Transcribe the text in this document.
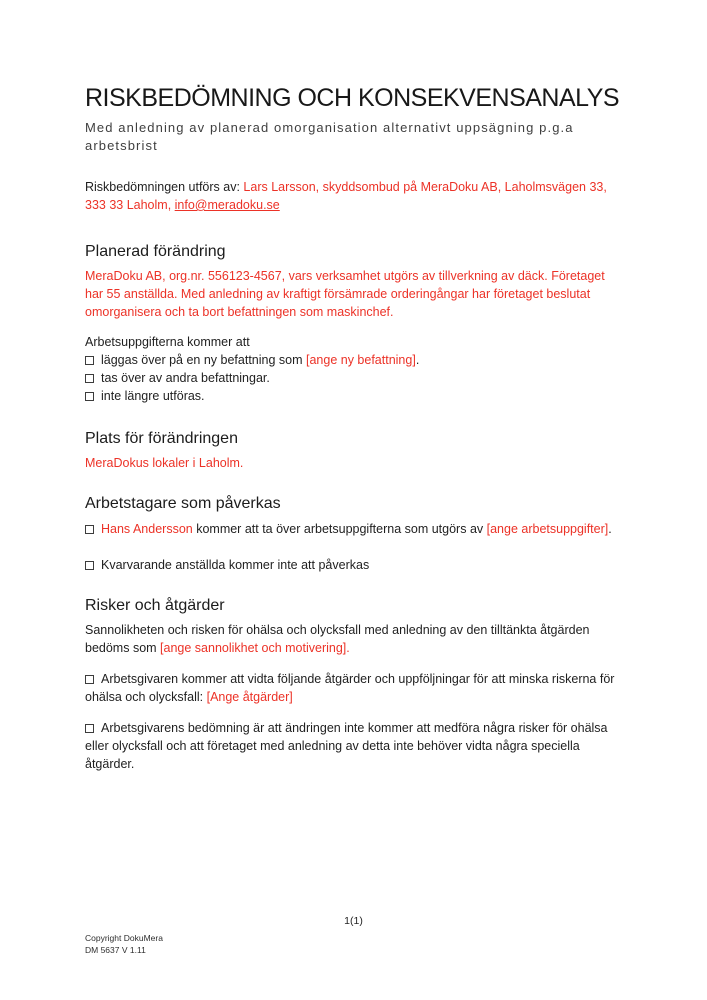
RISKBEDÖMNING OCH KONSEKVENSANALYS
Med anledning av planerad omorganisation alternativt uppsägning p.g.a arbetsbrist

Riskbedömningen utförs av: Lars Larsson, skyddsombud på MeraDoku AB, Laholmsvägen 33, 333 33 Laholm, info@meradoku.se

Planerad förändring

MeraDoku AB, org.nr. 556123-4567, vars verksamhet utgörs av tillverkning av däck. Företaget har 55 anställda. Med anledning av kraftigt försämrade orderingångar har företaget beslutat omorganisera och ta bort befattningen som maskinchef.

Arbetsuppgifterna kommer att
läggas över på en ny befattning som [ange ny befattning].
tas över av andra befattningar.
inte längre utföras.
Plats för förändringen

MeraDokus lokaler i Laholm.

Arbetstagare som påverkas

Hans Andersson kommer att ta över arbetsuppgifterna som utgörs av [ange arbetsuppgifter].

Kvarvarande anställda kommer inte att påverkas

Risker och åtgärder

Sannolikheten och risken för ohälsa och olycksfall med anledning av den tilltänkta åtgärden bedöms som [ange sannolikhet och motivering].

Arbetsgivaren kommer att vidta följande åtgärder och uppföljningar för att minska riskerna för ohälsa och olycksfall: [Ange åtgärder]

Arbetsgivarens bedömning är att ändringen inte kommer att medföra några risker för ohälsa eller olycksfall och att företaget med anledning av detta inte behöver vidta några speciella åtgärder.

1(1)
Copyright DokuMera
DM 5637 V 1.11
